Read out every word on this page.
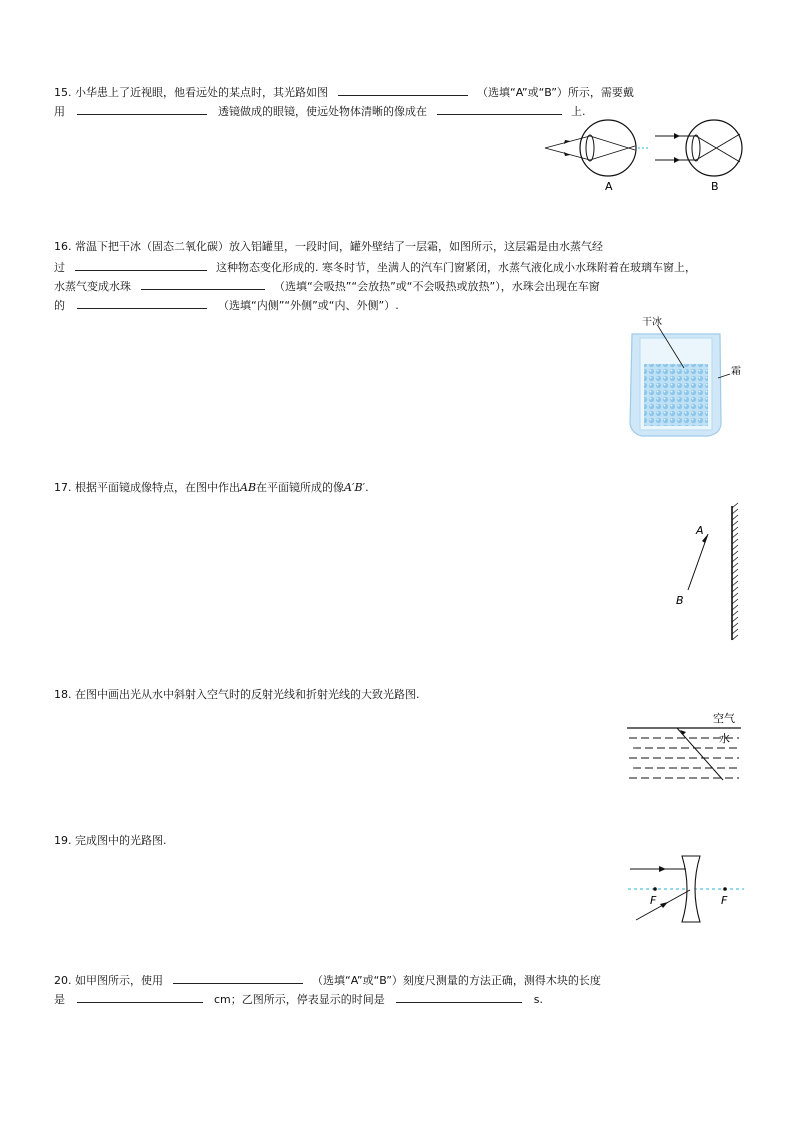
15. 小华患上了近视眼，他看远处的某点时，其光路如图	（选填“A”或“B”）所示，需要戴
用	透镜做成的眼镜，使远处物体清晰的像成在	上.
A	B
16. 常温下把干冰（固态二氧化碳）放入铝罐里，一段时间，罐外壁结了一层霜，如图所示，这层霜是由水蒸气经
过	这种物态变化形成的. 寒冬时节，坐满人的汽车门窗紧闭，水蒸气液化成小水珠附着在玻璃车窗上，
水蒸气变成水珠	（选填“会吸热”“会放热”或“不会吸热或放热”），水珠会出现在车窗
的	（选填“内侧”“外侧”或“内、外侧”）.
干冰
霜
17. 根据平面镜成像特点，在图中作出AB在平面镜所成的像A′B′.
A
B
18. 在图中画出光从水中斜射入空气时的反射光线和折射光线的大致光路图.
空气
水
19. 完成图中的光路图.
F	F
20. 如甲图所示，使用	（选填“A”或“B”）刻度尺测量的方法正确，测得木块的长度
是	cm；乙图所示，停表显示的时间是	s.
